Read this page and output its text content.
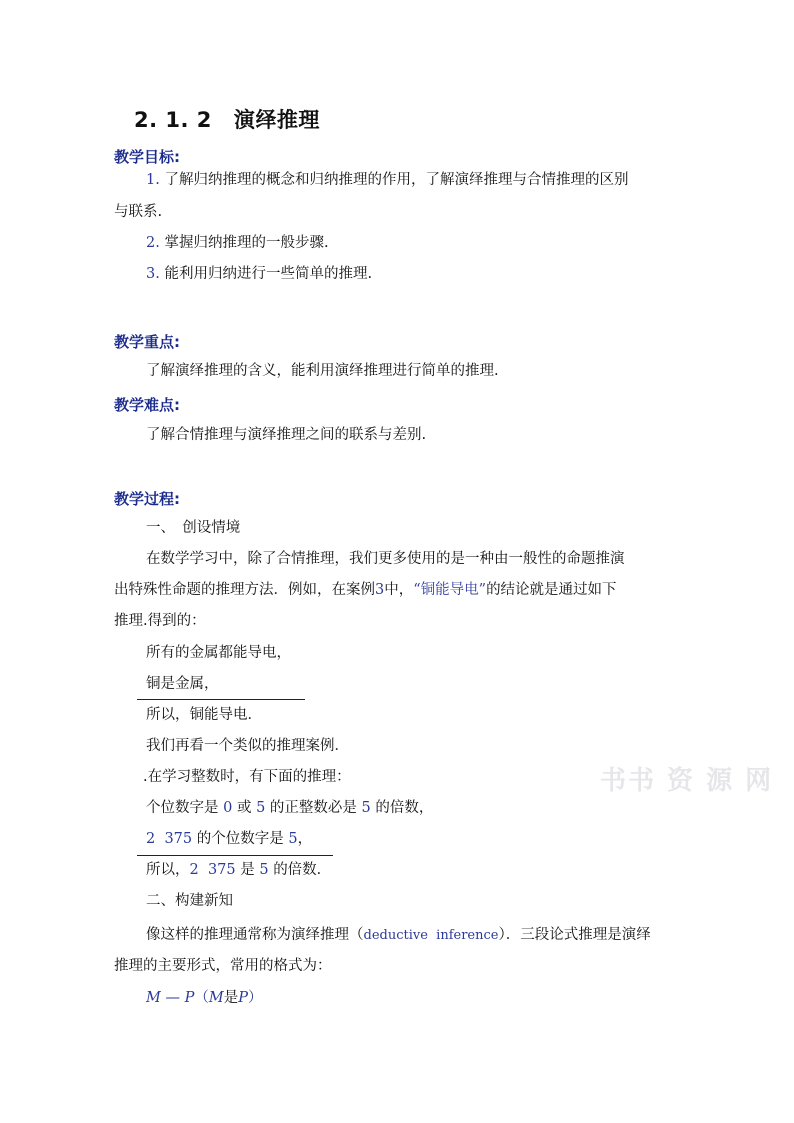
2. 1. 2 演绎推理
教学目标:
1. 了解归纳推理的概念和归纳推理的作用，了解演绎推理与合情推理的区别
与联系.
2. 掌握归纳推理的一般步骤.
3. 能利用归纳进行一些简单的推理.
教学重点:
了解演绎推理的含义，能利用演绎推理进行简单的推理.
教学难点:
了解合情推理与演绎推理之间的联系与差别.
教学过程:
一、　创设情境
在数学学习中，除了合情推理，我们更多使用的是一种由一般性的命题推演
出特殊性命题的推理方法．例如，在案例3中，“铜能导电”的结论就是通过如下
推理.得到的：
所有的金属都能导电，
铜是金属，
所以，铜能导电．
我们再看一个类似的推理案例．
.在学习整数时，有下面的推理：
个位数字是 0 或 5 的正整数必是 5 的倍数，
2  375 的个位数字是 5，
所以，2  375 是 5 的倍数．
二、构建新知
像这样的推理通常称为演绎推理（deductive  inference）．三段论式推理是演绎
推理的主要形式，常用的格式为：
M — P（M是P）
书书 资 源 网
